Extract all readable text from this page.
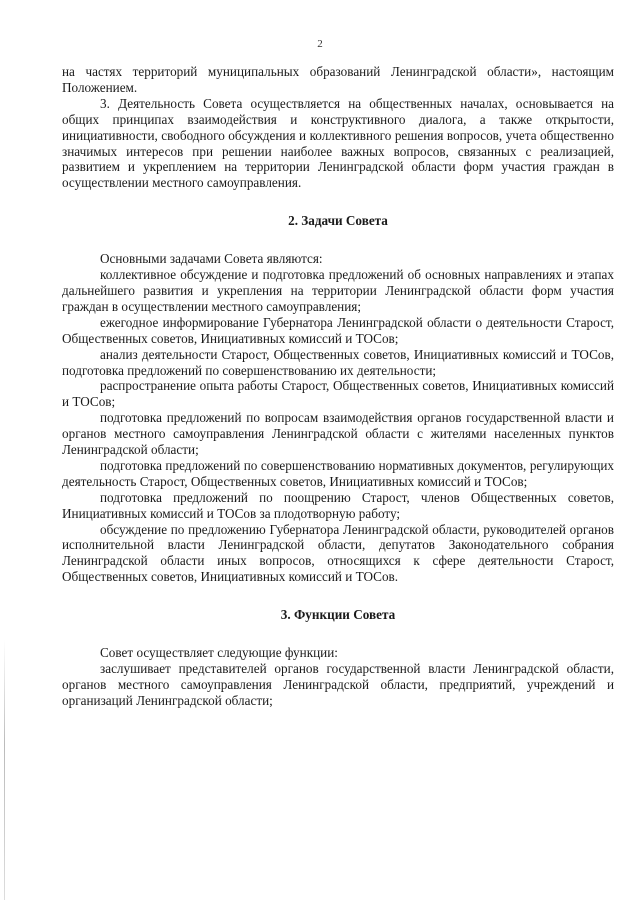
2

на частях территорий муниципальных образований Ленинградской области», настоящим Положением.

3. Деятельность Совета осуществляется на общественных началах, основывается на общих принципах взаимодействия и конструктивного диалога, а также открытости, инициативности, свободного обсуждения и коллективного решения вопросов, учета общественно значимых интересов при решении наиболее важных вопросов, связанных с реализацией, развитием и укреплением на территории Ленинградской области форм участия граждан в осуществлении местного самоуправления.

2. Задачи Совета

Основными задачами Совета являются:

коллективное обсуждение и подготовка предложений об основных направлениях и этапах дальнейшего развития и укрепления на территории Ленинградской области форм участия граждан в осуществлении местного самоуправления;

ежегодное информирование Губернатора Ленинградской области о деятельности Старост, Общественных советов, Инициативных комиссий и ТОСов;

анализ деятельности Старост, Общественных советов, Инициативных комиссий и ТОСов, подготовка предложений по совершенствованию их деятельности;

распространение опыта работы Старост, Общественных советов, Инициативных комиссий и ТОСов;

подготовка предложений по вопросам взаимодействия органов государственной власти и органов местного самоуправления Ленинградской области с жителями населенных пунктов Ленинградской области;

подготовка предложений по совершенствованию нормативных документов, регулирующих деятельность Старост, Общественных советов, Инициативных комиссий и ТОСов;

подготовка предложений по поощрению Старост, членов Общественных советов, Инициативных комиссий и ТОСов за плодотворную работу;

обсуждение по предложению Губернатора Ленинградской области, руководителей органов исполнительной власти Ленинградской области, депутатов Законодательного собрания Ленинградской области иных вопросов, относящихся к сфере деятельности Старост, Общественных советов, Инициативных комиссий и ТОСов.

3. Функции Совета

Совет осуществляет следующие функции:

заслушивает представителей органов государственной власти Ленинградской области, органов местного самоуправления Ленинградской области, предприятий, учреждений и организаций Ленинградской области;
